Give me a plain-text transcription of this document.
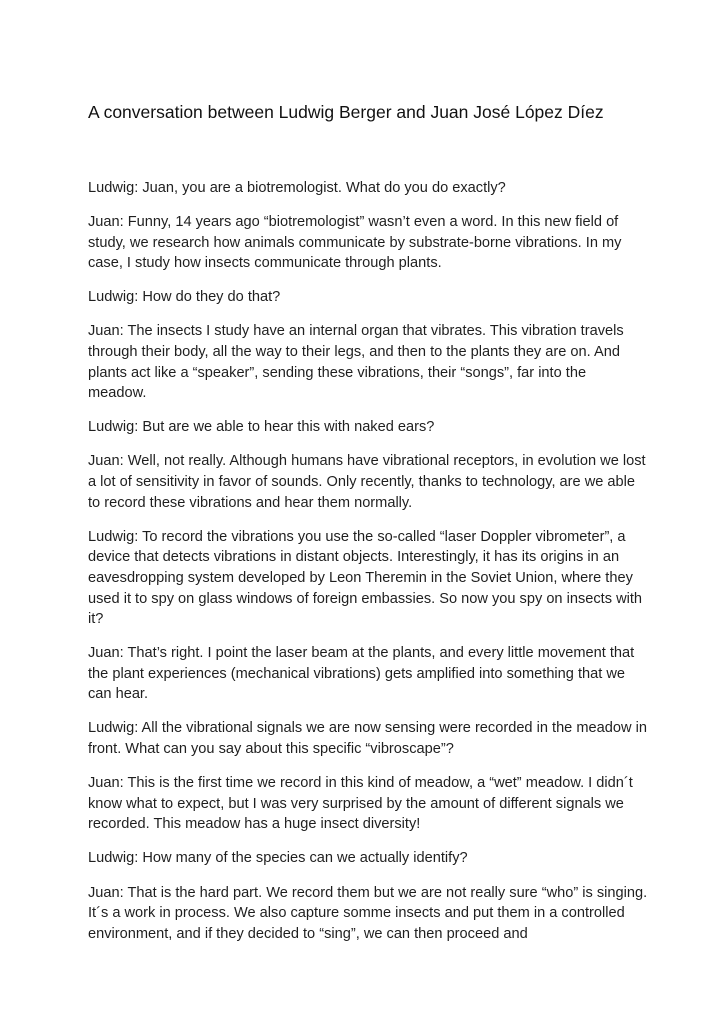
A conversation between Ludwig Berger and Juan José López Díez

Ludwig: Juan, you are a biotremologist. What do you do exactly?

Juan: Funny, 14 years ago “biotremologist” wasn’t even a word. In this new field of study, we research how animals communicate by substrate-borne vibrations. In my case, I study how insects communicate through plants.

Ludwig: How do they do that?

Juan: The insects I study have an internal organ that vibrates. This vibration travels through their body, all the way to their legs, and then to the plants they are on. And plants act like a “speaker”, sending these vibrations, their “songs”, far into the meadow.

Ludwig: But are we able to hear this with naked ears?

Juan: Well, not really. Although humans have vibrational receptors, in evolution we lost a lot of sensitivity in favor of sounds. Only recently, thanks to technology, are we able to record these vibrations and hear them normally.

Ludwig: To record the vibrations you use the so-called “laser Doppler vibrometer”, a device that detects vibrations in distant objects. Interestingly, it has its origins in an eavesdropping system developed by Leon Theremin in the Soviet Union, where they used it to spy on glass windows of foreign embassies. So now you spy on insects with it?

Juan: That’s right. I point the laser beam at the plants, and every little movement that the plant experiences (mechanical vibrations) gets amplified into something that we can hear.

Ludwig: All the vibrational signals we are now sensing were recorded in the meadow in front. What can you say about this specific “vibroscape”?

Juan: This is the first time we record in this kind of meadow, a “wet” meadow. I didn´t know what to expect, but I was very surprised by the amount of different signals we recorded. This meadow has a huge insect diversity!

Ludwig: How many of the species can we actually identify?

Juan: That is the hard part. We record them but we are not really sure “who” is singing. It´s a work in process. We also capture somme insects and put them in a controlled environment, and if they decided to “sing”, we can then proceed and
